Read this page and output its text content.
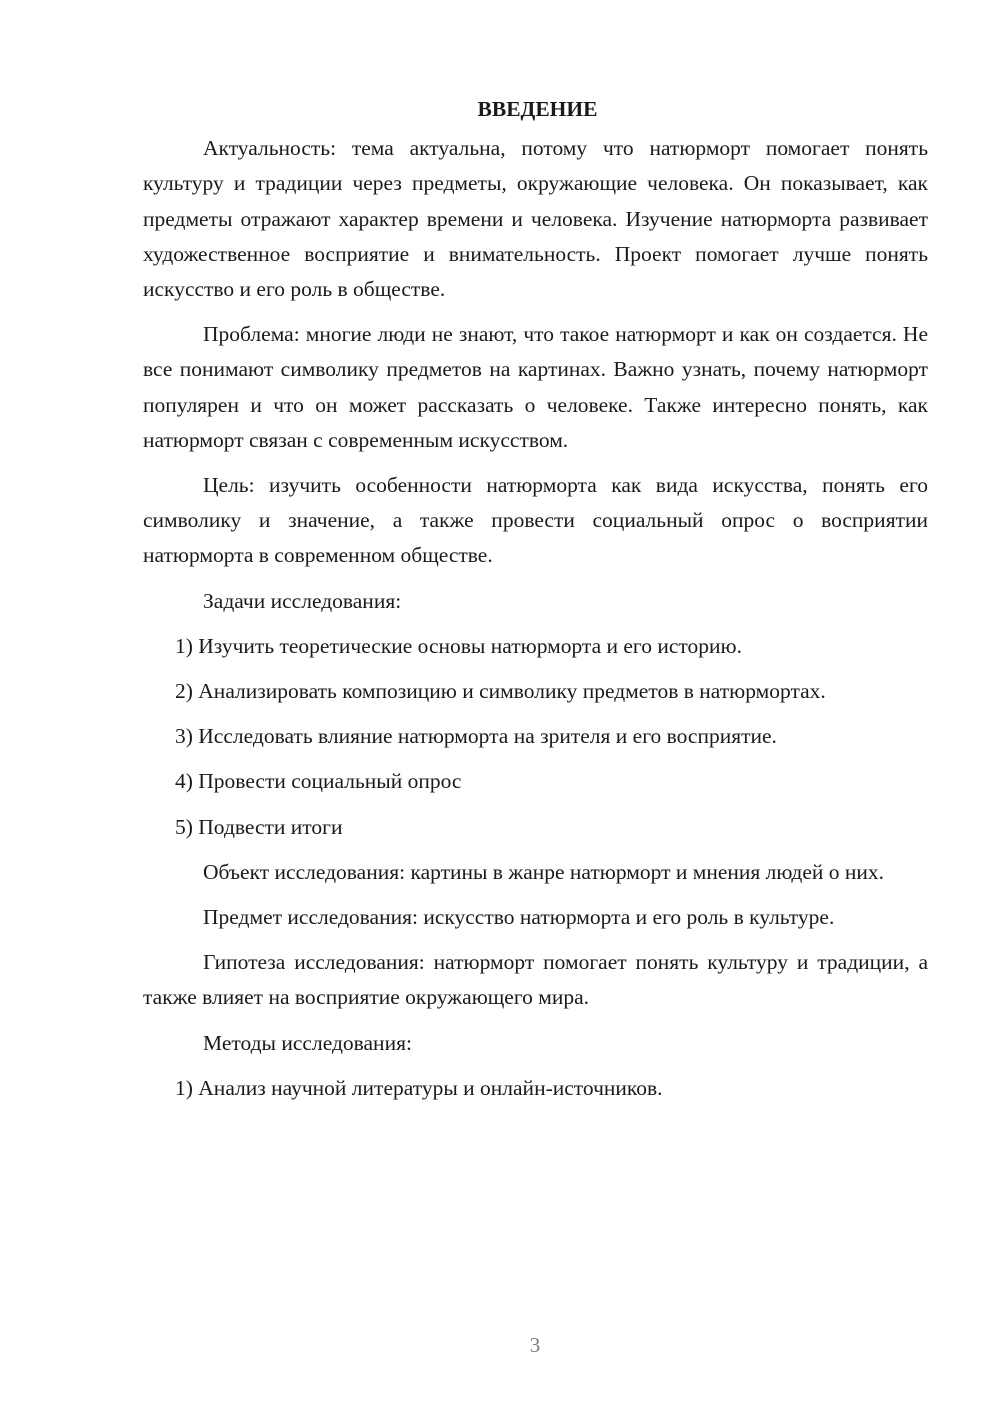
ВВЕДЕНИЕ

Актуальность: тема актуальна, потому что натюрморт помогает понять культуру и традиции через предметы, окружающие человека. Он показывает, как предметы отражают характер времени и человека. Изучение натюрморта развивает художественное восприятие и внимательность. Проект помогает лучше понять искусство и его роль в обществе.

Проблема: многие люди не знают, что такое натюрморт и как он создается. Не все понимают символику предметов на картинах. Важно узнать, почему натюрморт популярен и что он может рассказать о человеке. Также интересно понять, как натюрморт связан с современным искусством.

Цель: изучить особенности натюрморта как вида искусства, понять его символику и значение, а также провести социальный опрос о восприятии натюрморта в современном обществе.

Задачи исследования:

1) Изучить теоретические основы натюрморта и его историю.

2) Анализировать композицию и символику предметов в натюрмортах.

3) Исследовать влияние натюрморта на зрителя и его восприятие.

4) Провести социальный опрос

5) Подвести итоги

Объект исследования: картины в жанре натюрморт и мнения людей о них.

Предмет исследования: искусство натюрморта и его роль в культуре.

Гипотеза исследования: натюрморт помогает понять культуру и традиции, а также влияет на восприятие окружающего мира.

Методы исследования:

1) Анализ научной литературы и онлайн-источников.

3
